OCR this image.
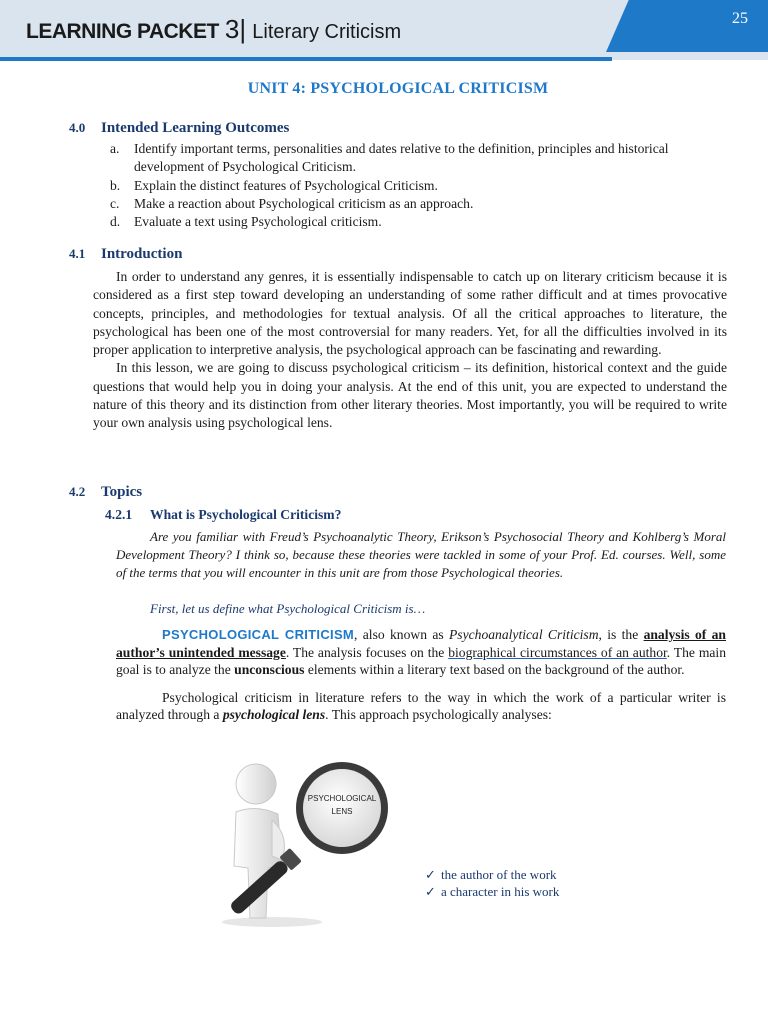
LEARNING PACKET 3| Literary Criticism
25
UNIT 4: PSYCHOLOGICAL CRITICISM
4.0 Intended Learning Outcomes
a.	Identify important terms, personalities and dates relative to the definition, principles and historical development of Psychological Criticism.
b.	Explain the distinct features of Psychological Criticism.
c.	Make a reaction about Psychological criticism as an approach.
d.	Evaluate a text using Psychological criticism.
4.1 Introduction

In order to understand any genres, it is essentially indispensable to catch up on literary criticism because it is considered as a first step toward developing an understanding of some rather difficult and at times provocative concepts, principles, and methodologies for textual analysis. Of all the critical approaches to literature, the psychological has been one of the most controversial for many readers. Yet, for all the difficulties involved in its proper application to interpretive analysis, the psychological approach can be fascinating and rewarding.

In this lesson, we are going to discuss psychological criticism – its definition, historical context and the guide questions that would help you in doing your analysis. At the end of this unit, you are expected to understand the nature of this theory and its distinction from other literary theories. Most importantly, you will be required to write your own analysis using psychological lens.

4.2 Topics
4.2.1 What is Psychological Criticism?

Are you familiar with Freud’s Psychoanalytic Theory, Erikson’s Psychosocial Theory and Kohlberg’s Moral Development Theory? I think so, because these theories were tackled in some of your Prof. Ed. courses. Well, some of the terms that you will encounter in this unit are from those Psychological theories.

First, let us define what Psychological Criticism is…

PSYCHOLOGICAL CRITICISM, also known as Psychoanalytical Criticism, is the analysis of an author’s unintended message. The analysis focuses on the biographical circumstances of an author. The main goal is to analyze the unconscious elements within a literary text based on the background of the author.

Psychological criticism in literature refers to the way in which the work of a particular writer is analyzed through a psychological lens. This approach psychologically analyses:

PSYCHOLOGICAL
LENS
✓ the author of the work
✓ a character in his work
